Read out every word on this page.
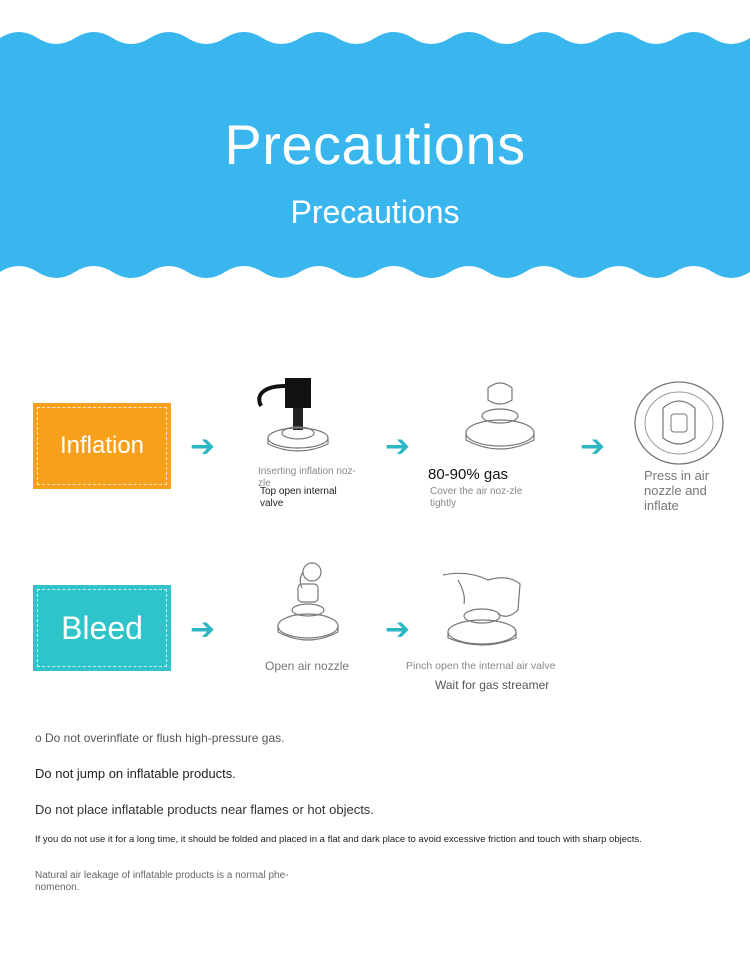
Precautions
Precautions
Inflation ➔
Inserting inflation noz-zle
Top open internal valve
➔
80-90% gas
Cover the air noz-zle tightly
➔
Press in air nozzle and inflate
Bleed ➔
Open air nozzle
➔
Pinch open the internal air valve
Wait for gas streamer
o Do not overinflate or flush high-pressure gas.
Do not jump on inflatable products.
Do not place inflatable products near flames or hot objects.
If you do not use it for a long time, it should be folded and placed in a flat and dark place to avoid excessive friction and touch with sharp objects.
Natural air leakage of inflatable products is a normal phe-nomenon.
